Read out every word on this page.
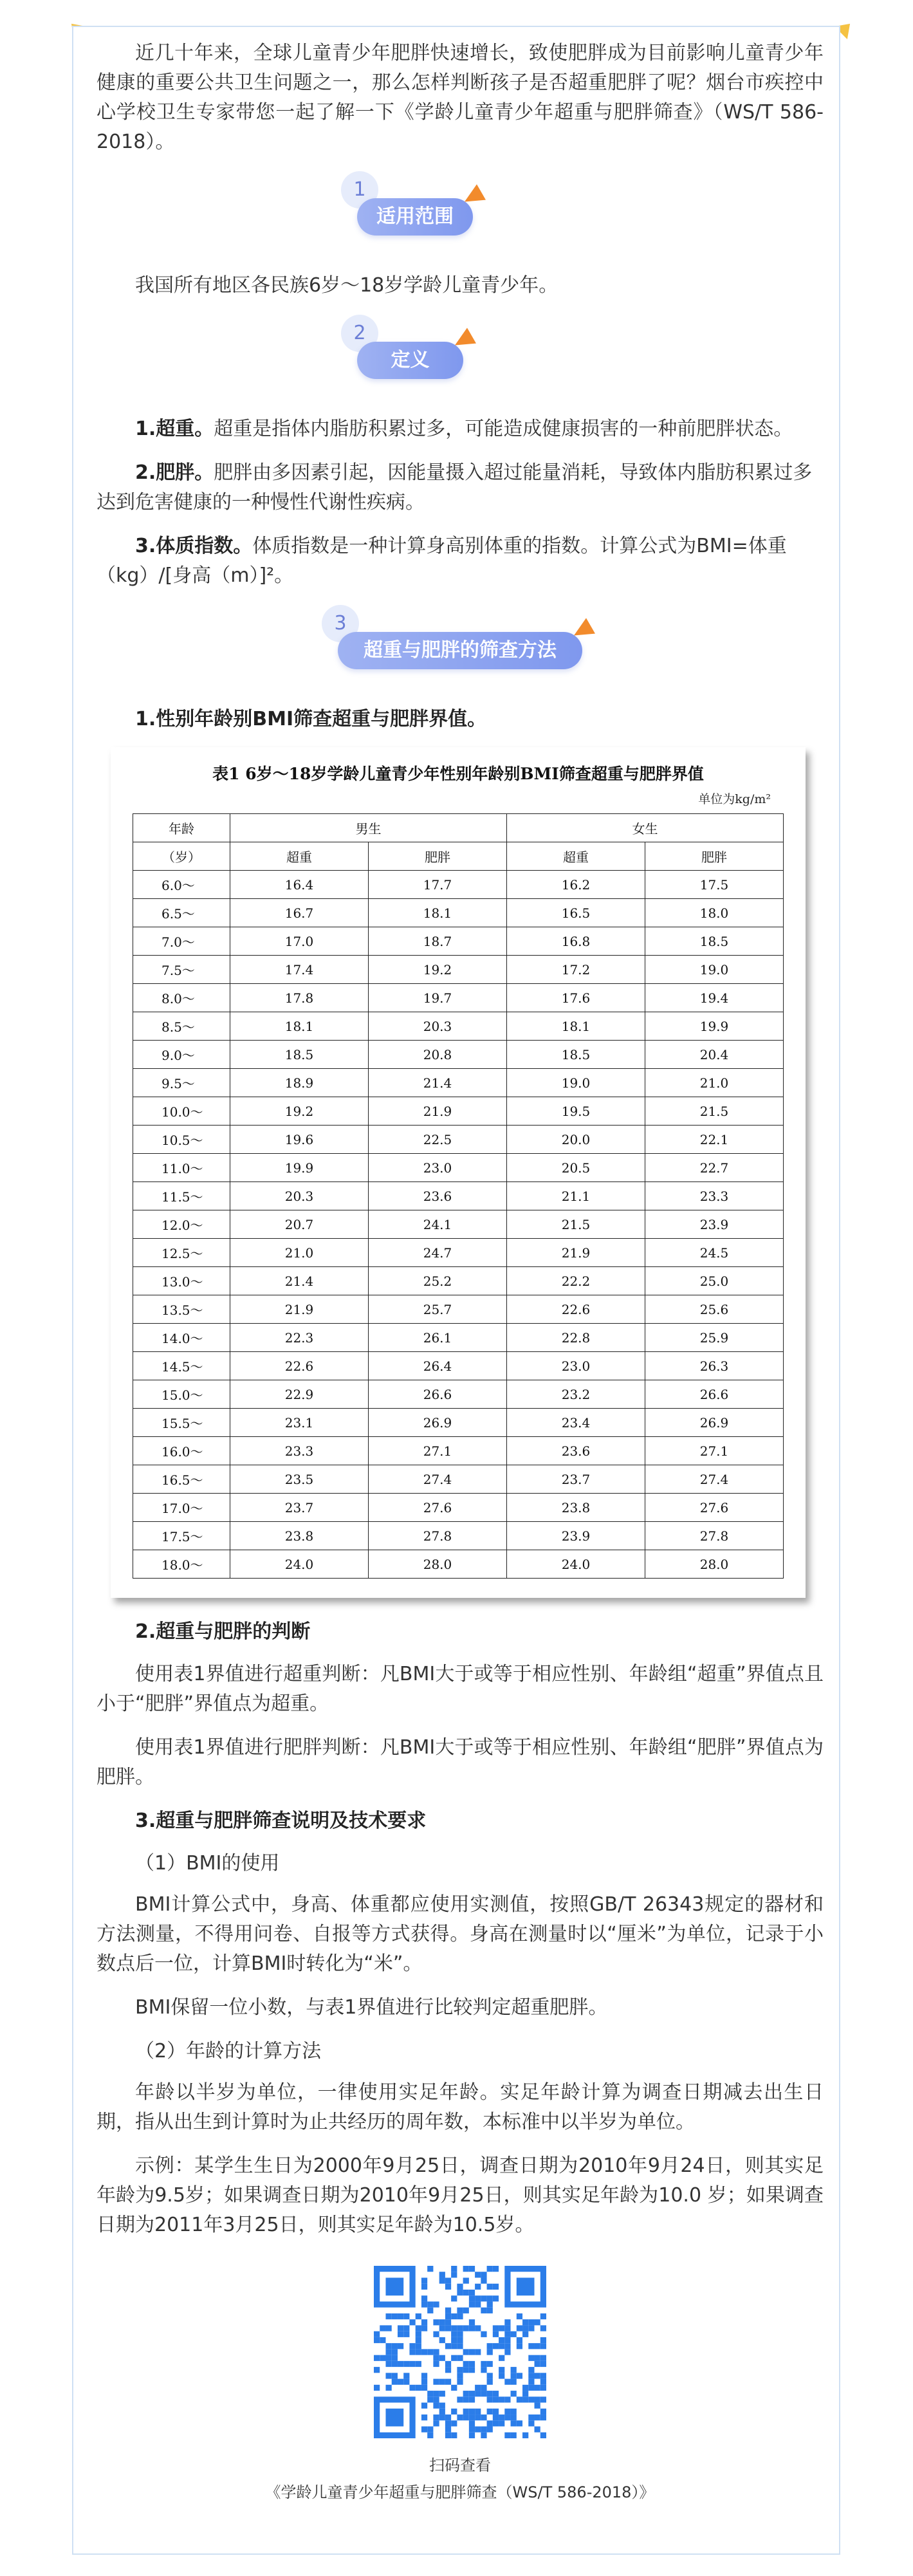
近几十年来，全球儿童青少年肥胖快速增长，致使肥胖成为目前影响儿童青少年健康的重要公共卫生问题之一，那么怎样判断孩子是否超重肥胖了呢？烟台市疾控中心学校卫生专家带您一起了解一下《学龄儿童青少年超重与肥胖筛查》（WS/T 586-2018）。

1
适用范围

我国所有地区各民族6岁～18岁学龄儿童青少年。

2
定义

1.超重。超重是指体内脂肪积累过多，可能造成健康损害的一种前肥胖状态。

2.肥胖。肥胖由多因素引起，因能量摄入超过能量消耗，导致体内脂肪积累过多达到危害健康的一种慢性代谢性疾病。

3.体质指数。体质指数是一种计算身高别体重的指数。计算公式为BMI=体重（kg）/[身高（m）]²。

3
超重与肥胖的筛查方法
1.性别年龄别BMI筛查超重与肥胖界值。
表1 6岁～18岁学龄儿童青少年性别年龄别BMI筛查超重与肥胖界值
单位为kg/m²
年龄	男生		女生	
（岁）	超重	肥胖	超重	肥胖
6.0～	16.4	17.7	16.2	17.5
6.5～	16.7	18.1	16.5	18.0
7.0～	17.0	18.7	16.8	18.5
7.5～	17.4	19.2	17.2	19.0
8.0～	17.8	19.7	17.6	19.4
8.5～	18.1	20.3	18.1	19.9
9.0～	18.5	20.8	18.5	20.4
9.5～	18.9	21.4	19.0	21.0
10.0～	19.2	21.9	19.5	21.5
10.5～	19.6	22.5	20.0	22.1
11.0～	19.9	23.0	20.5	22.7
11.5～	20.3	23.6	21.1	23.3
12.0～	20.7	24.1	21.5	23.9
12.5～	21.0	24.7	21.9	24.5
13.0～	21.4	25.2	22.2	25.0
13.5～	21.9	25.7	22.6	25.6
14.0～	22.3	26.1	22.8	25.9
14.5～	22.6	26.4	23.0	26.3
15.0～	22.9	26.6	23.2	26.6
15.5～	23.1	26.9	23.4	26.9
16.0～	23.3	27.1	23.6	27.1
16.5～	23.5	27.4	23.7	27.4
17.0～	23.7	27.6	23.8	27.6
17.5～	23.8	27.8	23.9	27.8
18.0～	24.0	28.0	24.0	28.0
2.超重与肥胖的判断

使用表1界值进行超重判断：凡BMI大于或等于相应性别、年龄组“超重”界值点且小于“肥胖”界值点为超重。

使用表1界值进行肥胖判断：凡BMI大于或等于相应性别、年龄组“肥胖”界值点为肥胖。

3.超重与肥胖筛查说明及技术要求
（1）BMI的使用

BMI计算公式中，身高、体重都应使用实测值，按照GB/T 26343规定的器材和方法测量，不得用问卷、自报等方式获得。身高在测量时以“厘米”为单位，记录于小数点后一位，计算BMI时转化为“米”。

BMI保留一位小数，与表1界值进行比较判定超重肥胖。

（2）年龄的计算方法

年龄以半岁为单位，一律使用实足年龄。实足年龄计算为调查日期减去出生日期，指从出生到计算时为止共经历的周年数，本标准中以半岁为单位。

示例：某学生生日为2000年9月25日，调查日期为2010年9月24日，则其实足年龄为9.5岁；如果调查日期为2010年9月25日，则其实足年龄为10.0 岁；如果调查日期为2011年3月25日，则其实足年龄为10.5岁。

扫码查看
《学龄儿童青少年超重与肥胖筛查（WS/T 586-2018）》
